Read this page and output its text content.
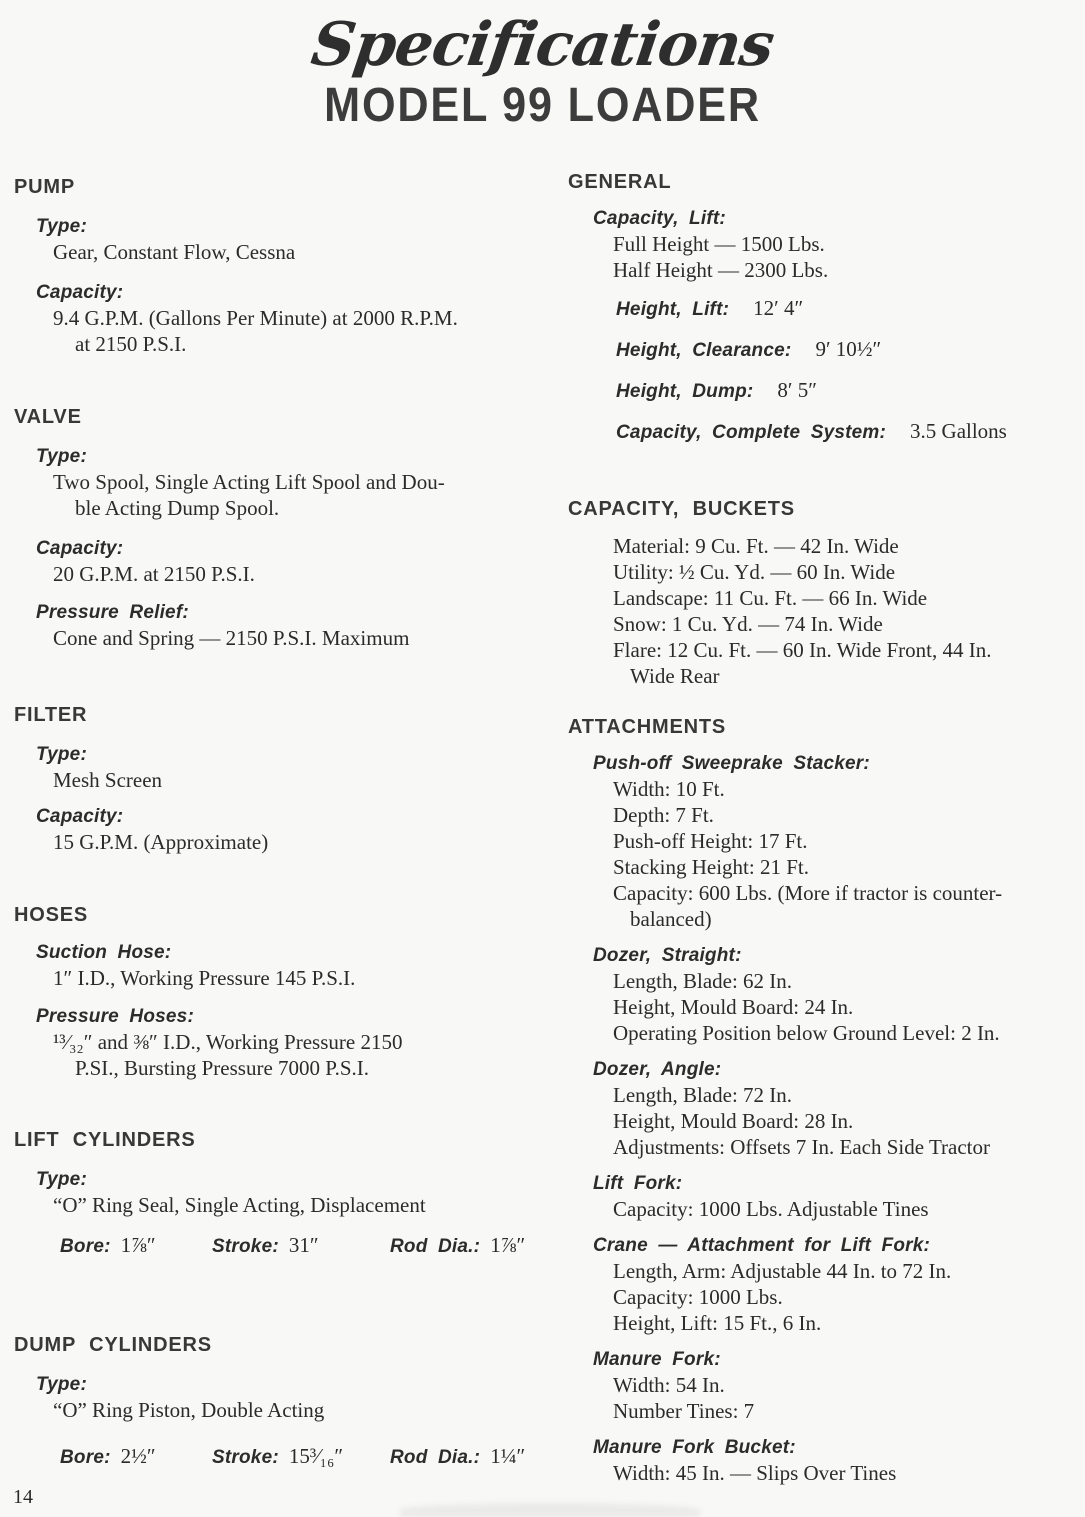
Specifications
MODEL 99 LOADER
PUMP
Type:
Gear, Constant Flow, Cessna
Capacity:
9.4 G.P.M. (Gallons Per Minute) at 2000 R.P.M.
at 2150 P.S.I.
VALVE
Type:
Two Spool, Single Acting Lift Spool and Dou-
ble Acting Dump Spool.
Capacity:
20 G.P.M. at 2150 P.S.I.
Pressure Relief:
Cone and Spring — 2150 P.S.I. Maximum
FILTER
Type:
Mesh Screen
Capacity:
15 G.P.M. (Approximate)
HOSES
Suction Hose:
1″ I.D., Working Pressure 145 P.S.I.
Pressure Hoses:
¹³⁄₃₂″ and ⅜″ I.D., Working Pressure 2150
P.SI., Bursting Pressure 7000 P.S.I.
LIFT CYLINDERS
Type:
“O” Ring Seal, Single Acting, Displacement
Bore: 1⅞″	Stroke: 31″	Rod Dia.: 1⅞″
DUMP CYLINDERS
Type:
“O” Ring Piston, Double Acting
Bore: 2½″	Stroke: 15³⁄₁₆″	Rod Dia.: 1¼″
GENERAL
Capacity, Lift:
Full Height — 1500 Lbs.
Half Height — 2300 Lbs.
Height, Lift: 12′ 4″
Height, Clearance: 9′ 10½″
Height, Dump: 8′ 5″
Capacity, Complete System: 3.5 Gallons
CAPACITY, BUCKETS
Material: 9 Cu. Ft. — 42 In. Wide
Utility: ½ Cu. Yd. — 60 In. Wide
Landscape: 11 Cu. Ft. — 66 In. Wide
Snow: 1 Cu. Yd. — 74 In. Wide
Flare: 12 Cu. Ft. — 60 In. Wide Front, 44 In.
Wide Rear
ATTACHMENTS
Push-off Sweeprake Stacker:
Width: 10 Ft.
Depth: 7 Ft.
Push-off Height: 17 Ft.
Stacking Height: 21 Ft.
Capacity: 600 Lbs. (More if tractor is counter-
balanced)
Dozer, Straight:
Length, Blade: 62 In.
Height, Mould Board: 24 In.
Operating Position below Ground Level: 2 In.
Dozer, Angle:
Length, Blade: 72 In.
Height, Mould Board: 28 In.
Adjustments: Offsets 7 In. Each Side Tractor
Lift Fork:
Capacity: 1000 Lbs. Adjustable Tines
Crane — Attachment for Lift Fork:
Length, Arm: Adjustable 44 In. to 72 In.
Capacity: 1000 Lbs.
Height, Lift: 15 Ft., 6 In.
Manure Fork:
Width: 54 In.
Number Tines: 7
Manure Fork Bucket:
Width: 45 In. — Slips Over Tines
14
